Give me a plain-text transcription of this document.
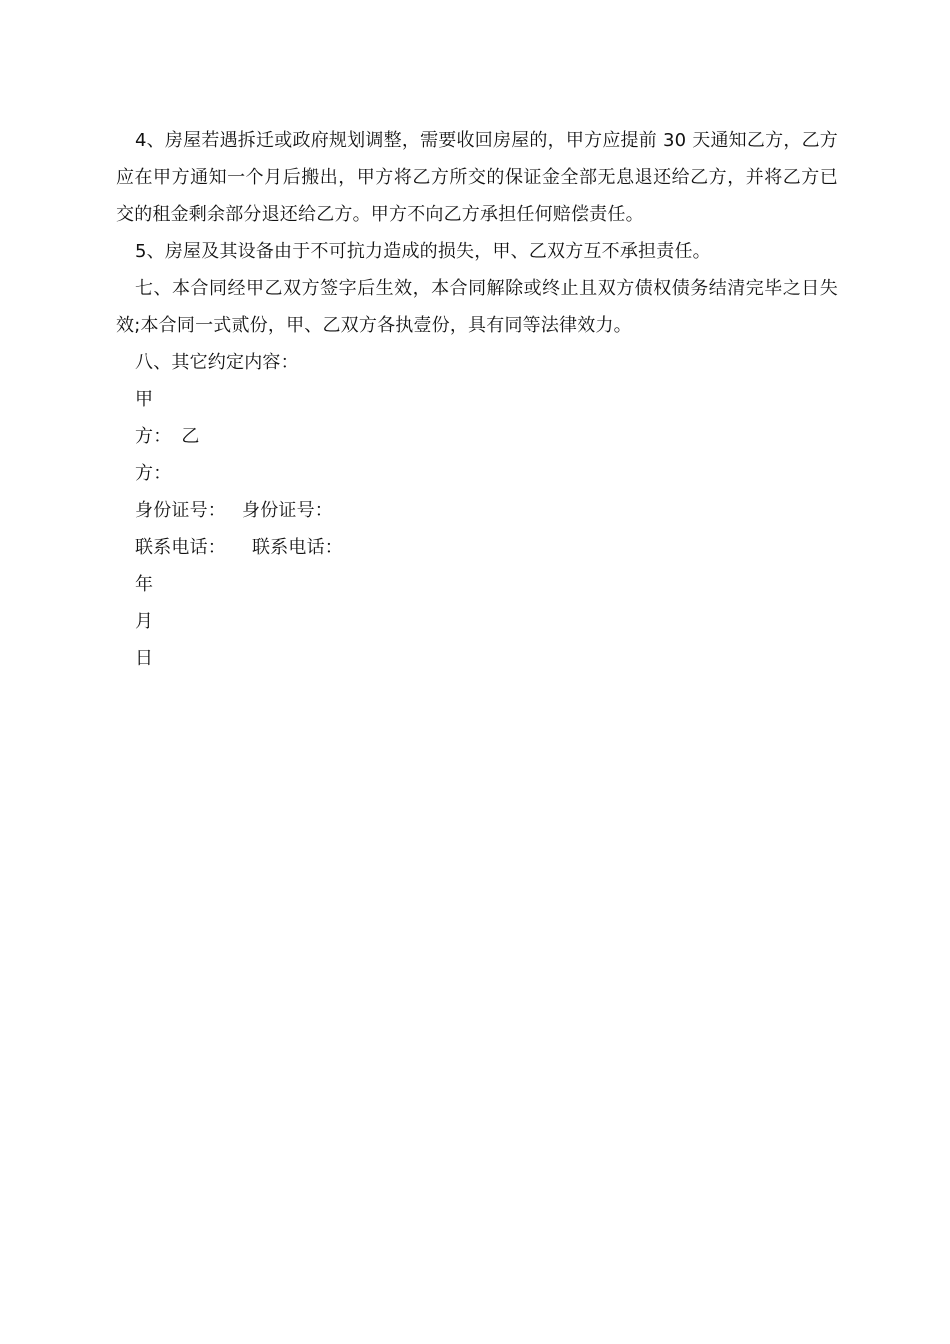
4、房屋若遇拆迁或政府规划调整，需要收回房屋的，甲方应提前 30 天通知乙方，乙方应在甲方通知一个月后搬出，甲方将乙方所交的保证金全部无息退还给乙方，并将乙方已交的租金剩余部分退还给乙方。甲方不向乙方承担任何赔偿责任。

5、房屋及其设备由于不可抗力造成的损失，甲、乙双方互不承担责任。

七、本合同经甲乙双方签字后生效，本合同解除或终止且双方债权债务结清完毕之日失效;本合同一式贰份，甲、乙双方各执壹份，具有同等法律效力。

八、其它约定内容：

甲
方： 乙
方：
身份证号： 身份证号：
联系电话： 联系电话：
年
月
日
